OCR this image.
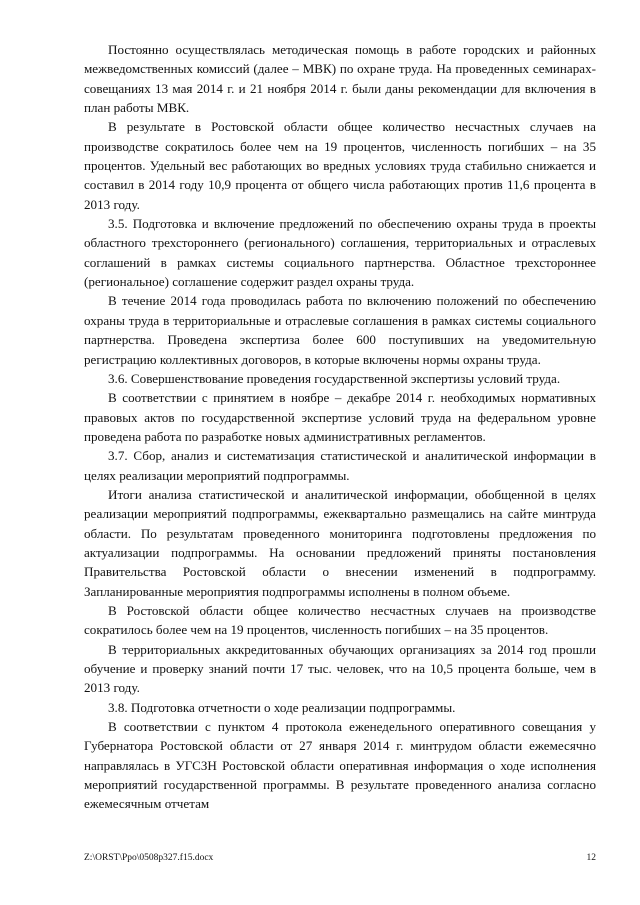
Постоянно осуществлялась методическая помощь в работе городских и районных межведомственных комиссий (далее – МВК) по охране труда. На проведенных семинарах-совещаниях 13 мая 2014 г. и 21 ноября 2014 г. были даны рекомендации для включения в план работы МВК.

В результате в Ростовской области общее количество несчастных случаев на производстве сократилось более чем на 19 процентов, численность погибших – на 35 процентов. Удельный вес работающих во вредных условиях труда стабильно снижается и составил в 2014 году 10,9 процента от общего числа работающих против 11,6 процента в 2013 году.

3.5. Подготовка и включение предложений по обеспечению охраны труда в проекты областного трехстороннего (регионального) соглашения, территориальных и отраслевых соглашений в рамках системы социального партнерства. Областное трехстороннее (региональное) соглашение содержит раздел охраны труда.

В течение 2014 года проводилась работа по включению положений по обеспечению охраны труда в территориальные и отраслевые соглашения в рамках системы социального партнерства. Проведена экспертиза более 600 поступивших на уведомительную регистрацию коллективных договоров, в которые включены нормы охраны труда.

3.6. Совершенствование проведения государственной экспертизы условий труда.

В соответствии с принятием в ноябре – декабре 2014 г. необходимых нормативных правовых актов по государственной экспертизе условий труда на федеральном уровне проведена работа по разработке новых административных регламентов.

3.7. Сбор, анализ и систематизация статистической и аналитической информации в целях реализации мероприятий подпрограммы.

Итоги анализа статистической и аналитической информации, обобщенной в целях реализации мероприятий подпрограммы, ежеквартально размещались на сайте минтруда области. По результатам проведенного мониторинга подготовлены предложения по актуализации подпрограммы. На основании предложений приняты постановления Правительства Ростовской области о внесении изменений в подпрограмму. Запланированные мероприятия подпрограммы исполнены в полном объеме.

В Ростовской области общее количество несчастных случаев на производстве сократилось более чем на 19 процентов, численность погибших – на 35 процентов.

В территориальных аккредитованных обучающих организациях за 2014 год прошли обучение и проверку знаний почти 17 тыс. человек, что на 10,5 процента больше, чем в 2013 году.

3.8. Подготовка отчетности о ходе реализации подпрограммы.

В соответствии с пунктом 4 протокола еженедельного оперативного совещания у Губернатора Ростовской области от 27 января 2014 г. минтрудом области ежемесячно направлялась в УГСЗН Ростовской области оперативная информация о ходе исполнения мероприятий государственной программы. В результате проведенного анализа согласно ежемесячным отчетам

Z:\ORST\Ppo\0508p327.f15.docx	12
